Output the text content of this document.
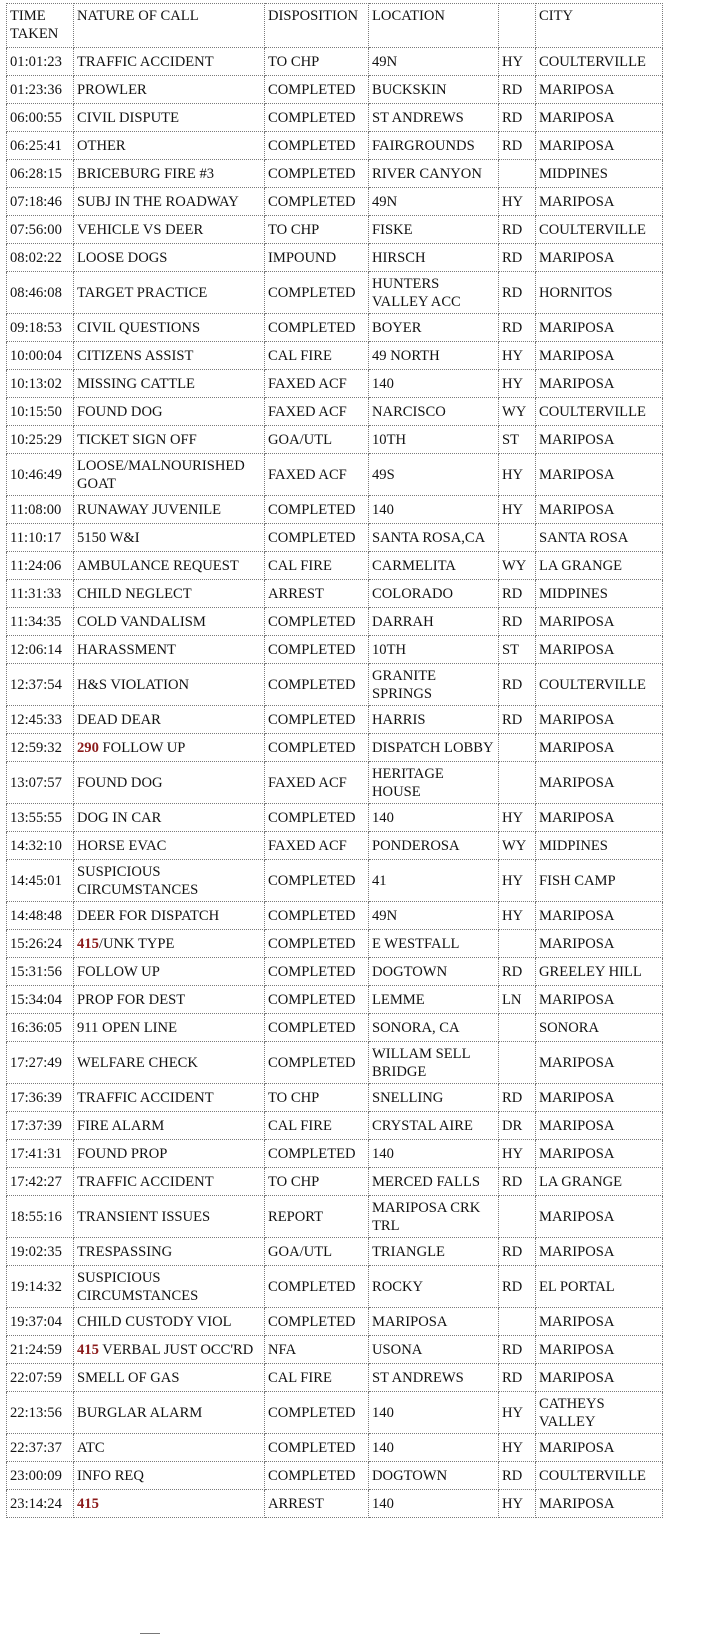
TIME TAKEN	NATURE OF CALL	DISPOSITION	LOCATION		CITY
01:01:23	TRAFFIC ACCIDENT	TO CHP	49N	HY	COULTERVILLE
01:23:36	PROWLER	COMPLETED	BUCKSKIN	RD	MARIPOSA
06:00:55	CIVIL DISPUTE	COMPLETED	ST ANDREWS	RD	MARIPOSA
06:25:41	OTHER	COMPLETED	FAIRGROUNDS	RD	MARIPOSA
06:28:15	BRICEBURG FIRE #3	COMPLETED	RIVER CANYON		MIDPINES
07:18:46	SUBJ IN THE ROADWAY	COMPLETED	49N	HY	MARIPOSA
07:56:00	VEHICLE VS DEER	TO CHP	FISKE	RD	COULTERVILLE
08:02:22	LOOSE DOGS	IMPOUND	HIRSCH	RD	MARIPOSA
08:46:08	TARGET PRACTICE	COMPLETED	HUNTERS VALLEY ACC	RD	HORNITOS
09:18:53	CIVIL QUESTIONS	COMPLETED	BOYER	RD	MARIPOSA
10:00:04	CITIZENS ASSIST	CAL FIRE	49 NORTH	HY	MARIPOSA
10:13:02	MISSING CATTLE	FAXED ACF	140	HY	MARIPOSA
10:15:50	FOUND DOG	FAXED ACF	NARCISCO	WY	COULTERVILLE
10:25:29	TICKET SIGN OFF	GOA/UTL	10TH	ST	MARIPOSA
10:46:49	LOOSE/MALNOURISHED GOAT	FAXED ACF	49S	HY	MARIPOSA
11:08:00	RUNAWAY JUVENILE	COMPLETED	140	HY	MARIPOSA
11:10:17	5150 W&I	COMPLETED	SANTA ROSA,CA		SANTA ROSA
11:24:06	AMBULANCE REQUEST	CAL FIRE	CARMELITA	WY	LA GRANGE
11:31:33	CHILD NEGLECT	ARREST	COLORADO	RD	MIDPINES
11:34:35	COLD VANDALISM	COMPLETED	DARRAH	RD	MARIPOSA
12:06:14	HARASSMENT	COMPLETED	10TH	ST	MARIPOSA
12:37:54	H&S VIOLATION	COMPLETED	GRANITE SPRINGS	RD	COULTERVILLE
12:45:33	DEAD DEAR	COMPLETED	HARRIS	RD	MARIPOSA
12:59:32	290 FOLLOW UP	COMPLETED	DISPATCH LOBBY		MARIPOSA
13:07:57	FOUND DOG	FAXED ACF	HERITAGE HOUSE		MARIPOSA
13:55:55	DOG IN CAR	COMPLETED	140	HY	MARIPOSA
14:32:10	HORSE EVAC	FAXED ACF	PONDEROSA	WY	MIDPINES
14:45:01	SUSPICIOUS CIRCUMSTANCES	COMPLETED	41	HY	FISH CAMP
14:48:48	DEER FOR DISPATCH	COMPLETED	49N	HY	MARIPOSA
15:26:24	415/UNK TYPE	COMPLETED	E WESTFALL		MARIPOSA
15:31:56	FOLLOW UP	COMPLETED	DOGTOWN	RD	GREELEY HILL
15:34:04	PROP FOR DEST	COMPLETED	LEMME	LN	MARIPOSA
16:36:05	911 OPEN LINE	COMPLETED	SONORA, CA		SONORA
17:27:49	WELFARE CHECK	COMPLETED	WILLAM SELL BRIDGE		MARIPOSA
17:36:39	TRAFFIC ACCIDENT	TO CHP	SNELLING	RD	MARIPOSA
17:37:39	FIRE ALARM	CAL FIRE	CRYSTAL AIRE	DR	MARIPOSA
17:41:31	FOUND PROP	COMPLETED	140	HY	MARIPOSA
17:42:27	TRAFFIC ACCIDENT	TO CHP	MERCED FALLS	RD	LA GRANGE
18:55:16	TRANSIENT ISSUES	REPORT	MARIPOSA CRK TRL		MARIPOSA
19:02:35	TRESPASSING	GOA/UTL	TRIANGLE	RD	MARIPOSA
19:14:32	SUSPICIOUS CIRCUMSTANCES	COMPLETED	ROCKY	RD	EL PORTAL
19:37:04	CHILD CUSTODY VIOL	COMPLETED	MARIPOSA		MARIPOSA
21:24:59	415 VERBAL JUST OCC'RD	NFA	USONA	RD	MARIPOSA
22:07:59	SMELL OF GAS	CAL FIRE	ST ANDREWS	RD	MARIPOSA
22:13:56	BURGLAR ALARM	COMPLETED	140	HY	CATHEYS VALLEY
22:37:37	ATC	COMPLETED	140	HY	MARIPOSA
23:00:09	INFO REQ	COMPLETED	DOGTOWN	RD	COULTERVILLE
23:14:24	415	ARREST	140	HY	MARIPOSA
